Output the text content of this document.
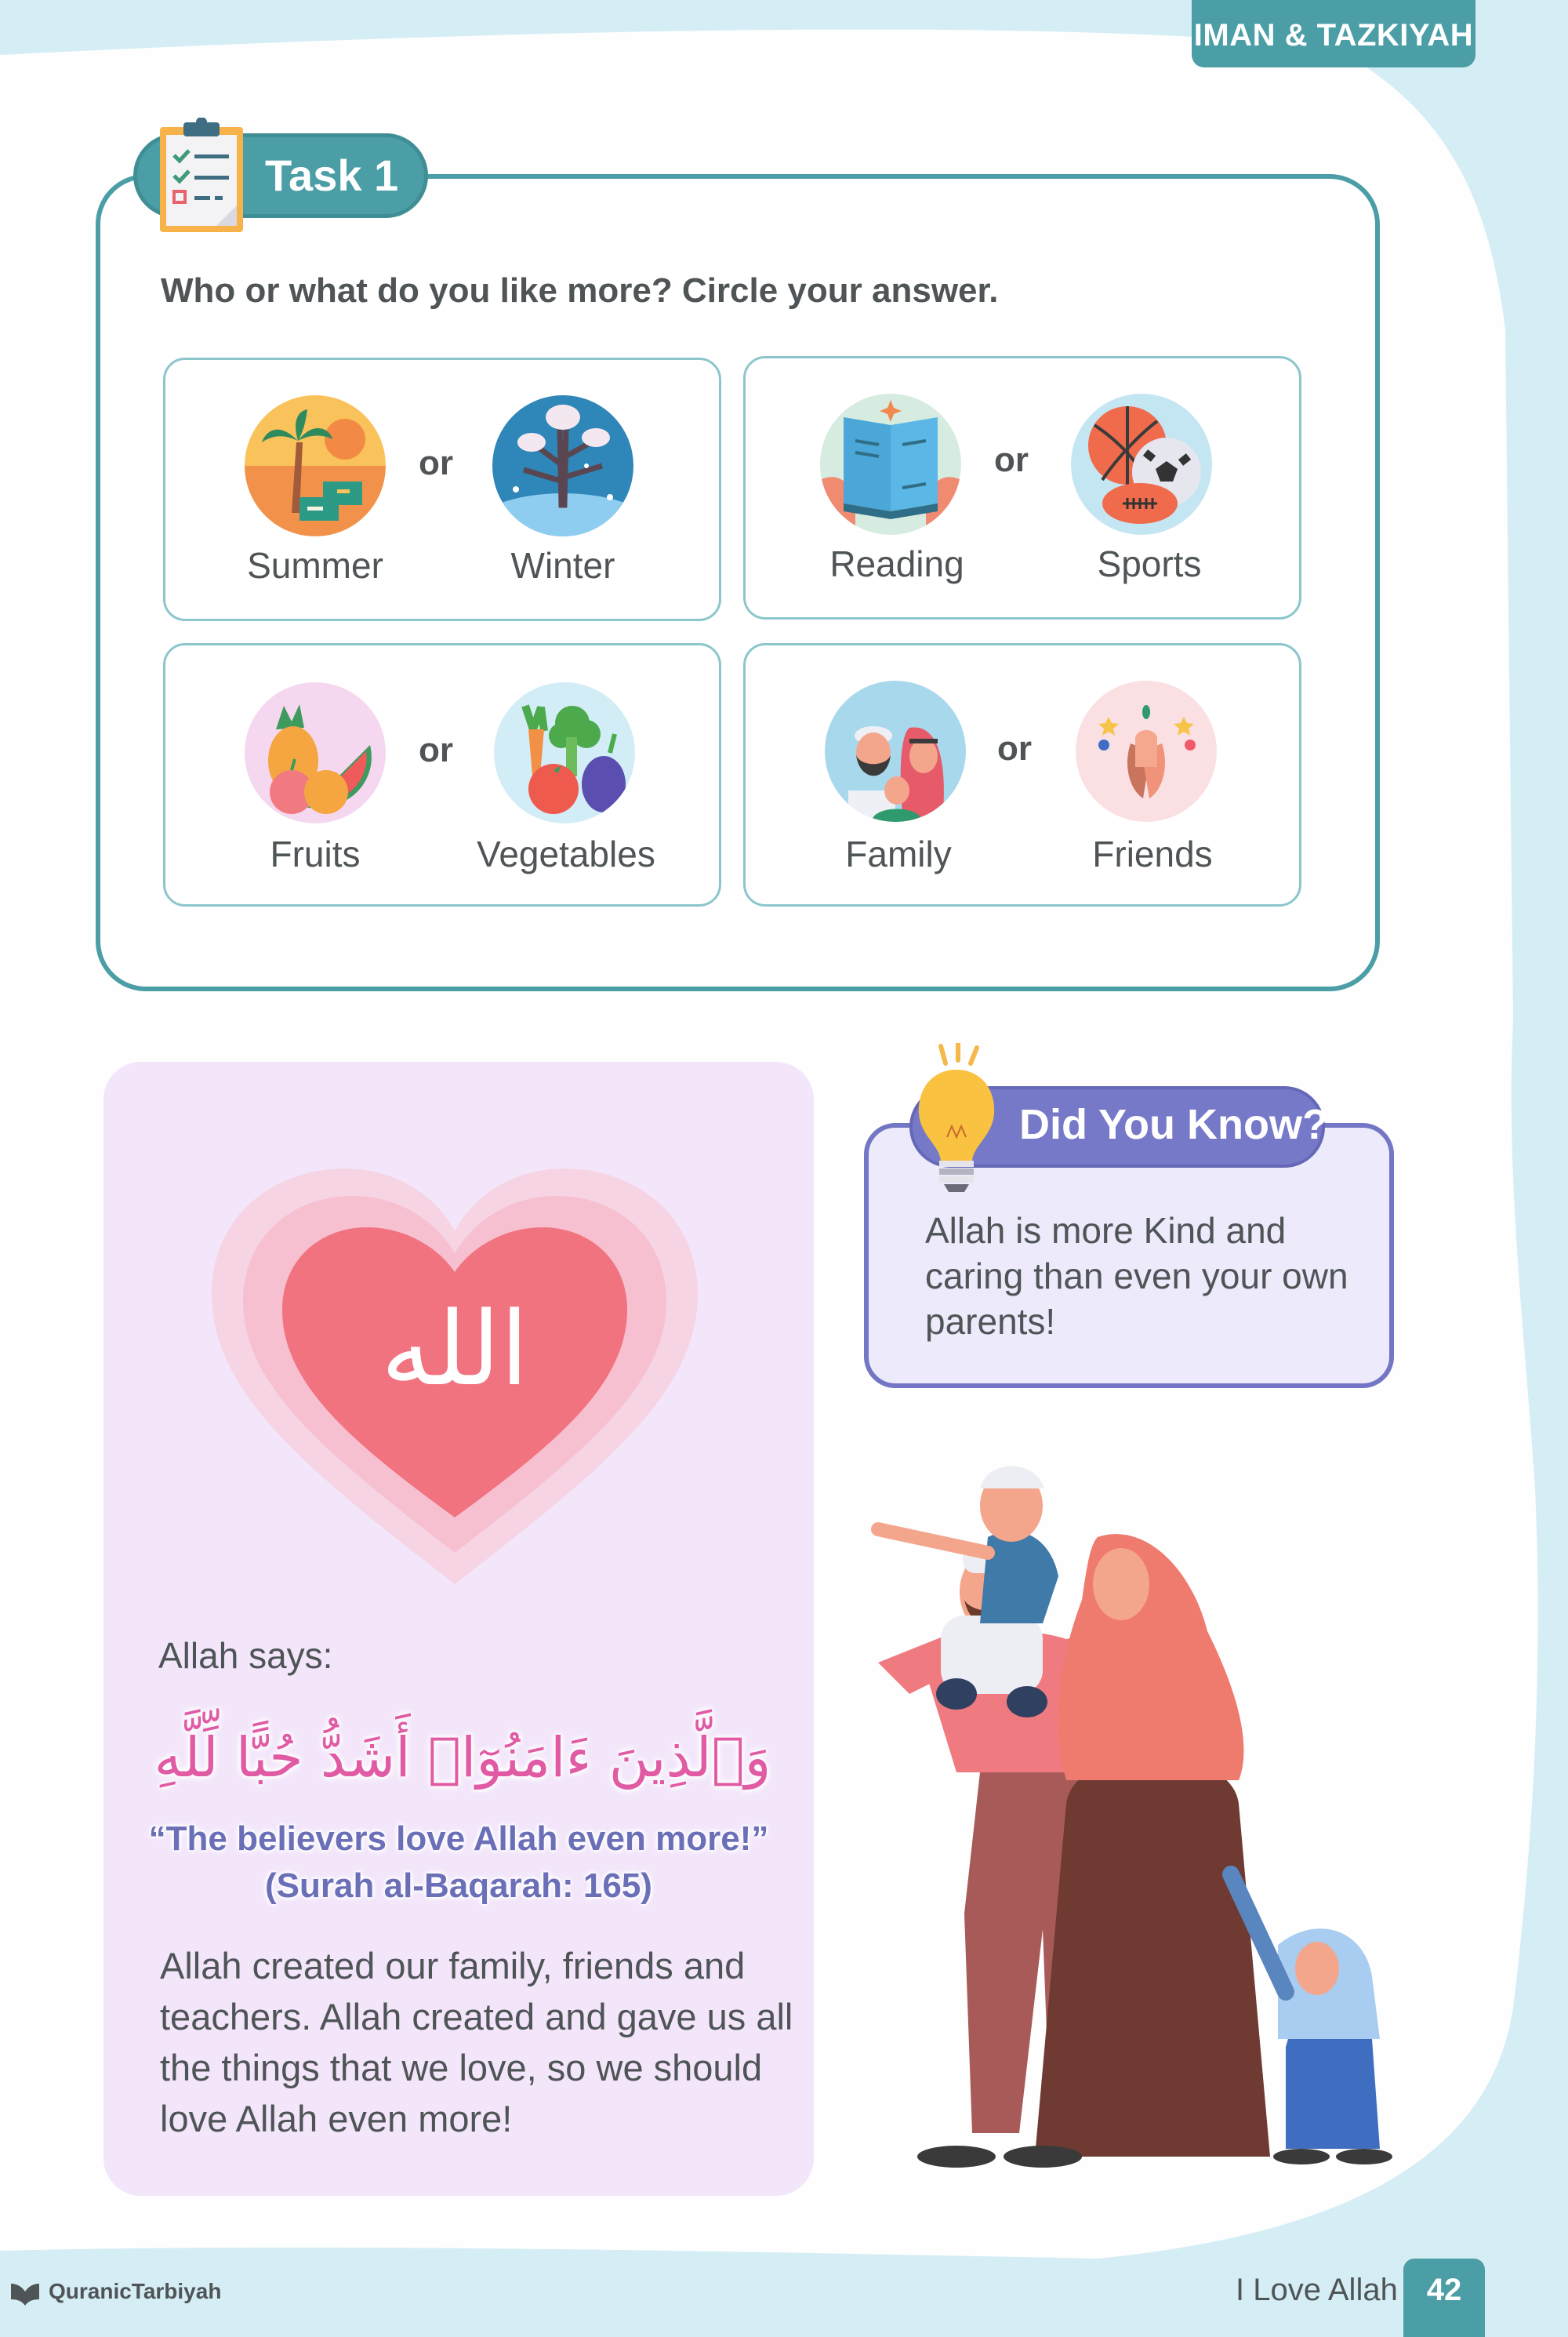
IMAN & TAZKIYAH
Task 1
Who or what do you like more? Circle your answer.
or
Summer	Winter
or
Reading	Sports
or
Fruits	Vegetables
or
Family	Friends
الله
Allah says:
وَٱلَّذِينَ ءَامَنُوٓا۟ أَشَدُّ حُبًّا لِّلَّهِ
“The believers love Allah even more!”
(Surah al-Baqarah: 165)
Allah created our family, friends and teachers. Allah created and gave us all the things that we love, so we should love Allah even more!
Did You Know?
Allah is more Kind and caring than even your own parents!
QuranicTarbiyah	I Love Allah 42
